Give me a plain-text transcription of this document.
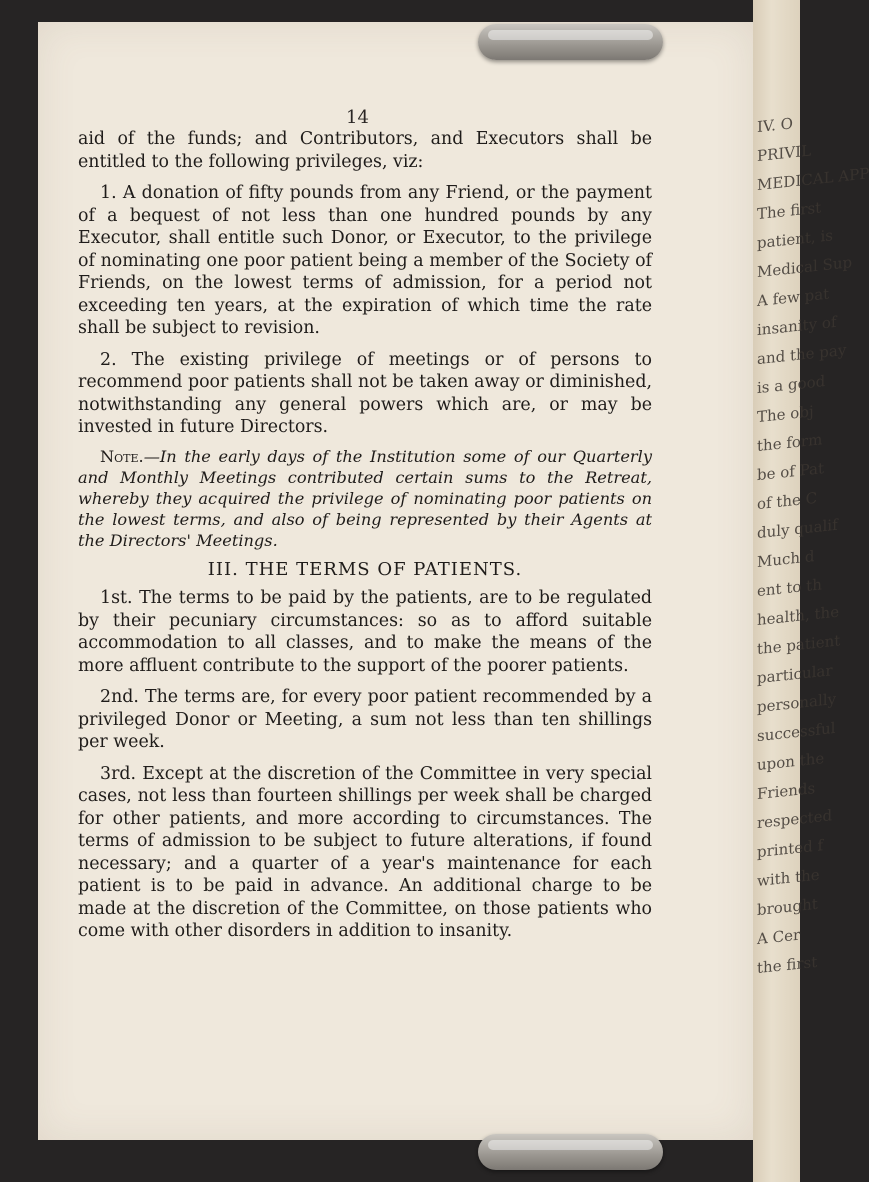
IV. O
PRIVIL
MEDICAL APP
The first
patient, is
Medical Sup
A few pat
insanity of
and the pay
is a good
The obj
the form
be of Pat
of the C
duly qualif
Much d
ent to th
health, the
the patient
particular
personally
successful
upon the
Friends
respected
printed f
with the
brought
A Cer
the first
14

aid of the funds; and Contributors, and Executors shall be entitled to the following privileges, viz:

1. A donation of fifty pounds from any Friend, or the payment of a bequest of not less than one hundred pounds by any Executor, shall entitle such Donor, or Executor, to the privilege of nominating one poor patient being a member of the Society of Friends, on the lowest terms of admission, for a period not exceeding ten years, at the expiration of which time the rate shall be subject to revision.

2. The existing privilege of meetings or of persons to recommend poor patients shall not be taken away or diminished, notwithstanding any general powers which are, or may be invested in future Directors.

Note.—In the early days of the Institution some of our Quarterly and Monthly Meetings contributed certain sums to the Retreat, whereby they acquired the privilege of nominating poor patients on the lowest terms, and also of being represented by their Agents at the Directors' Meetings.

III. THE TERMS OF PATIENTS.

1st. The terms to be paid by the patients, are to be regulated by their pecuniary circumstances: so as to afford suitable accommodation to all classes, and to make the means of the more affluent contribute to the support of the poorer patients.

2nd. The terms are, for every poor patient recommended by a privileged Donor or Meeting, a sum not less than ten shillings per week.

3rd. Except at the discretion of the Committee in very special cases, not less than fourteen shillings per week shall be charged for other patients, and more according to circumstances. The terms of admission to be subject to future alterations, if found necessary; and a quarter of a year's maintenance for each patient is to be paid in advance. An additional charge to be made at the discretion of the Committee, on those patients who come with other disorders in addition to insanity.
